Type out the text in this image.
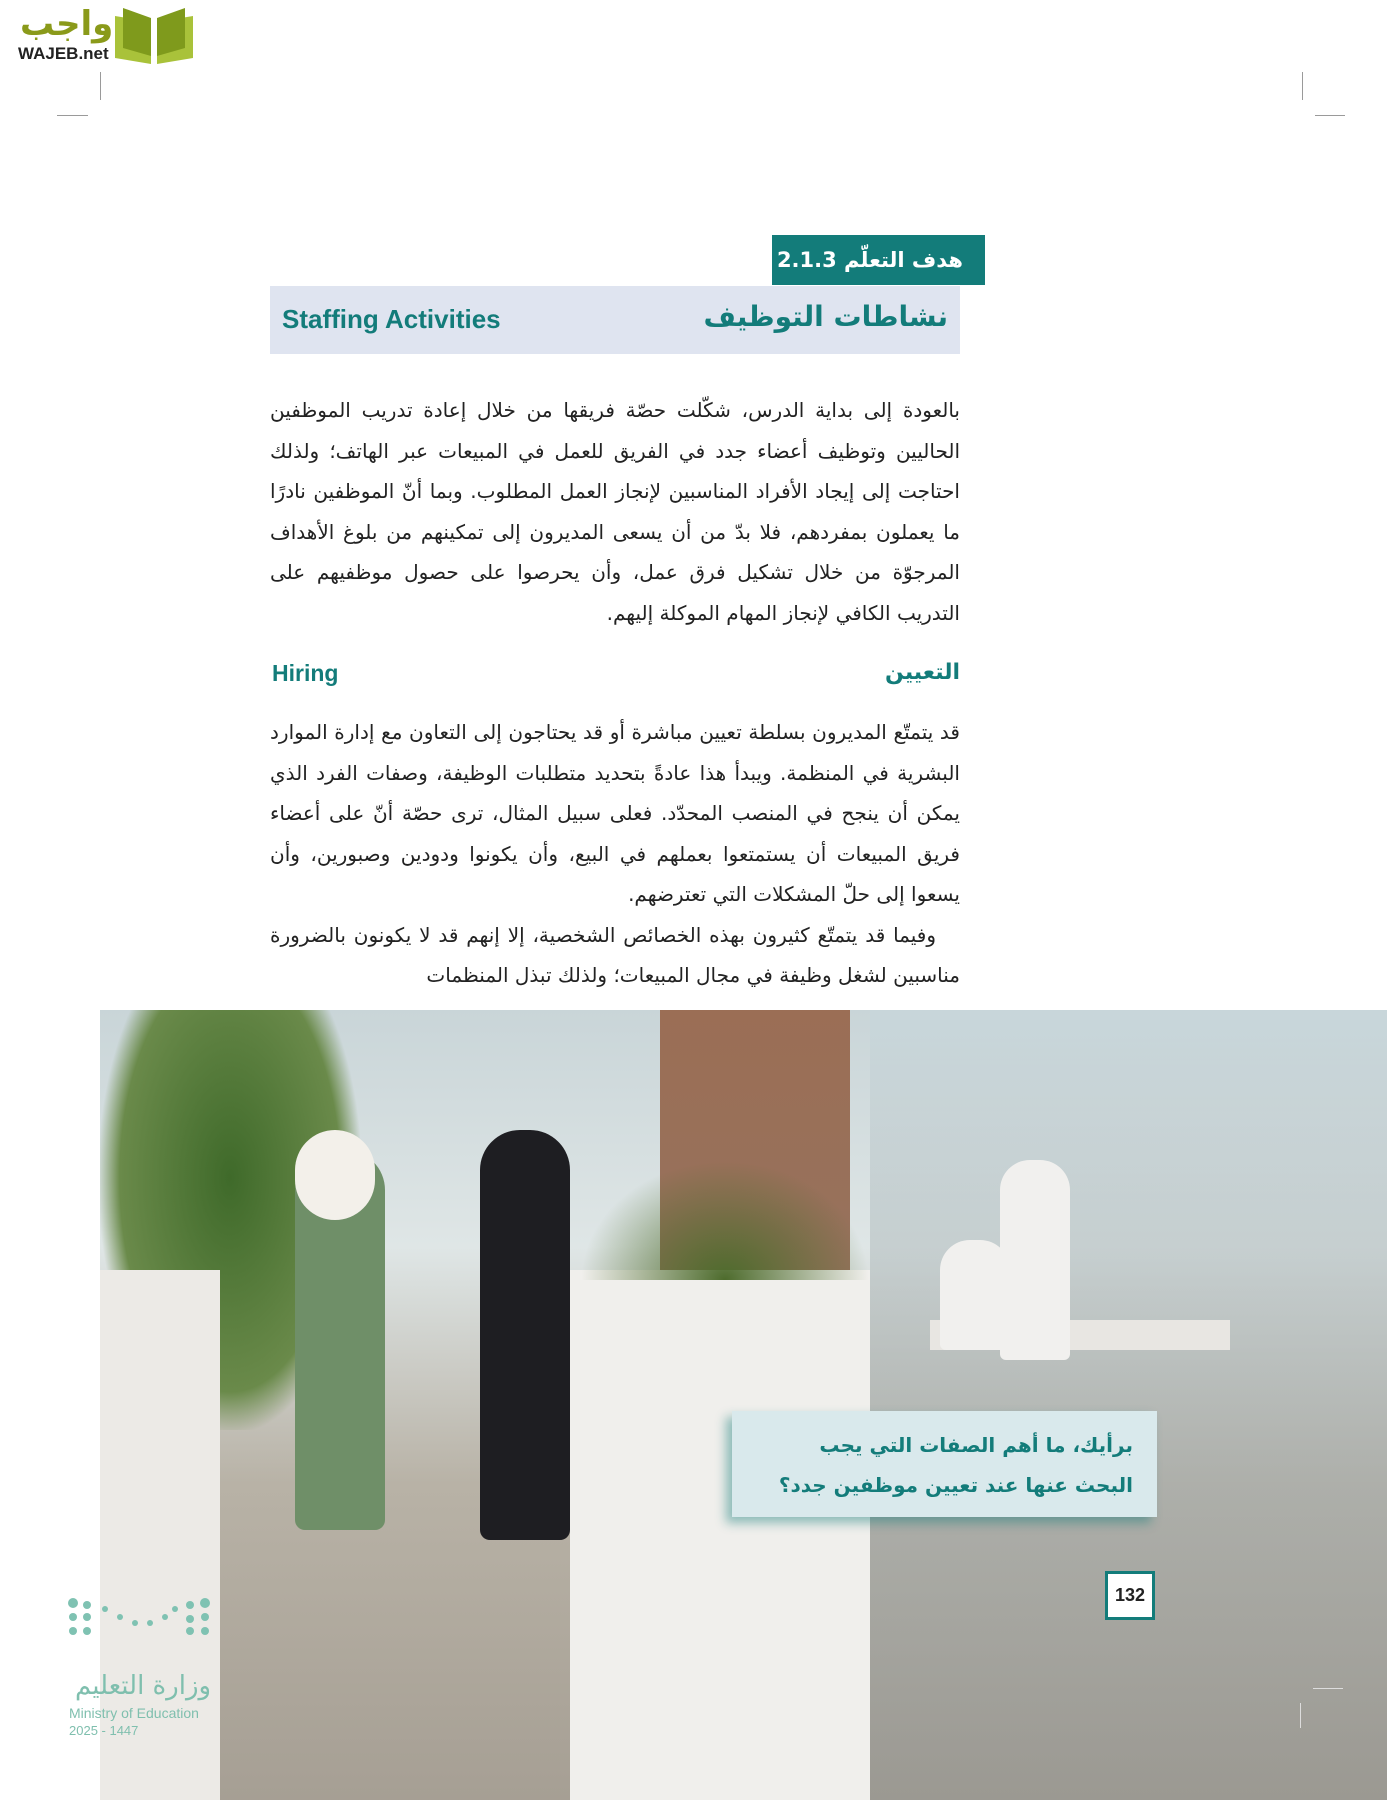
واجب
WAJEB.net
هدف التعلّم 2.1.3
نشاطات التوظيف
Staffing Activities
بالعودة إلى بداية الدرس، شكّلت حصّة فريقها من خلال إعادة تدريب الموظفين الحاليين وتوظيف أعضاء جدد في الفريق للعمل في المبيعات عبر الهاتف؛ ولذلك احتاجت إلى إيجاد الأفراد المناسبين لإنجاز العمل المطلوب. وبما أنّ الموظفين نادرًا ما يعملون بمفردهم، فلا بدّ من أن يسعى المديرون إلى تمكينهم من بلوغ الأهداف المرجوّة من خلال تشكيل فرق عمل، وأن يحرصوا على حصول موظفيهم على التدريب الكافي لإنجاز المهام الموكلة إليهم.
التعيين
Hiring

قد يتمتّع المديرون بسلطة تعيين مباشرة أو قد يحتاجون إلى التعاون مع إدارة الموارد البشرية في المنظمة. ويبدأ هذا عادةً بتحديد متطلبات الوظيفة، وصفات الفرد الذي يمكن أن ينجح في المنصب المحدّد. فعلى سبيل المثال، ترى حصّة أنّ على أعضاء فريق المبيعات أن يستمتعوا بعملهم في البيع، وأن يكونوا ودودين وصبورين، وأن يسعوا إلى حلّ المشكلات التي تعترضهم.

وفيما قد يتمتّع كثيرون بهذه الخصائص الشخصية، إلا إنهم قد لا يكونون بالضرورة مناسبين لشغل وظيفة في مجال المبيعات؛ ولذلك تبذل المنظمات

برأيك، ما أهم الصفات التي يجب البحث عنها عند تعيين موظفين جدد؟
132
وزارة التعليم
Ministry of Education
2025 - 1447
